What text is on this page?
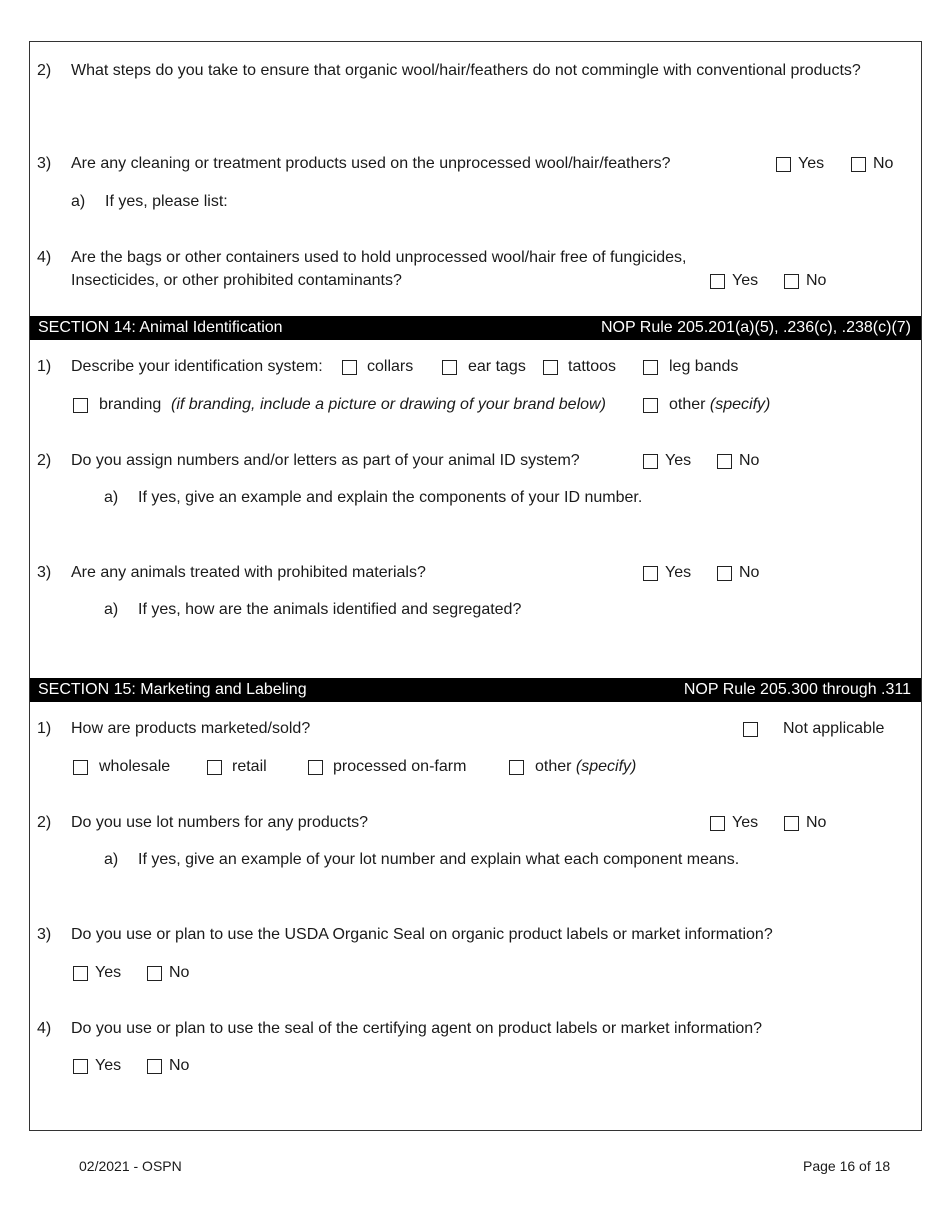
2) What steps do you take to ensure that organic wool/hair/feathers do not commingle with conventional products?
3) Are any cleaning or treatment products used on the unprocessed wool/hair/feathers?	Yes	No
a) If yes, please list:
4) Are the bags or other containers used to hold unprocessed wool/hair free of fungicides,
Insecticides, or other prohibited contaminants?	Yes	No
SECTION 14: Animal Identification	NOP Rule 205.201(a)(5), .236(c), .238(c)(7)
1) Describe your identification system:	collars	ear tags	tattoos	leg bands
branding (if branding, include a picture or drawing of your brand below)	other (specify)
2) Do you assign numbers and/or letters as part of your animal ID system?	Yes	No
a) If yes, give an example and explain the components of your ID number.
3) Are any animals treated with prohibited materials?	Yes	No
a) If yes, how are the animals identified and segregated?
SECTION 15: Marketing and Labeling	NOP Rule 205.300 through .311
1) How are products marketed/sold?	Not applicable
wholesale	retail	processed on-farm	other (specify)
2) Do you use lot numbers for any products?	Yes	No
a) If yes, give an example of your lot number and explain what each component means.
3) Do you use or plan to use the USDA Organic Seal on organic product labels or market information?
Yes	No
4) Do you use or plan to use the seal of the certifying agent on product labels or market information?
Yes	No
02/2021 - OSPN	Page 16 of 18
